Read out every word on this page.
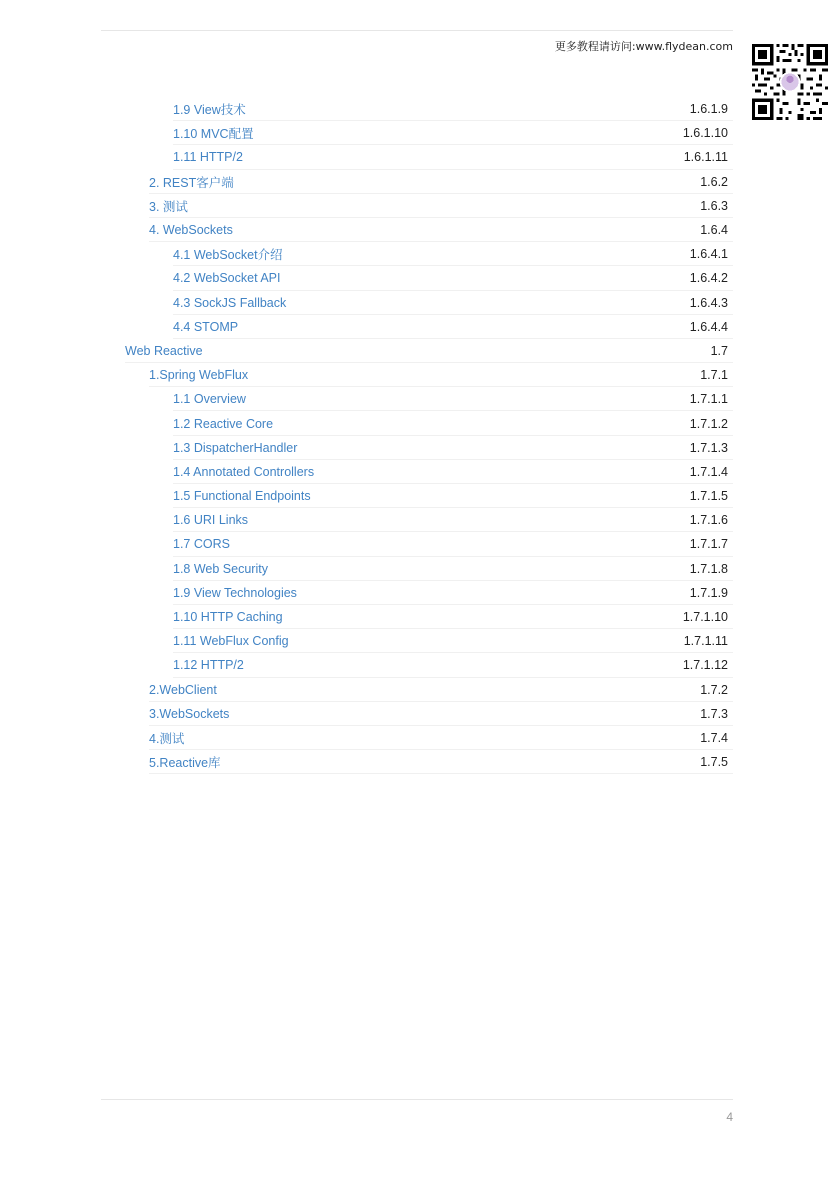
更多教程请访问:www.flydean.com
1.9 View技术	1.6.1.9
1.10 MVC配置	1.6.1.10
1.11 HTTP/2	1.6.1.11
2. REST客户端	1.6.2
3. 测试	1.6.3
4. WebSockets	1.6.4
4.1 WebSocket介绍	1.6.4.1
4.2 WebSocket API	1.6.4.2
4.3 SockJS Fallback	1.6.4.3
4.4 STOMP	1.6.4.4
Web Reactive	1.7
1.Spring WebFlux	1.7.1
1.1 Overview	1.7.1.1
1.2 Reactive Core	1.7.1.2
1.3 DispatcherHandler	1.7.1.3
1.4 Annotated Controllers	1.7.1.4
1.5 Functional Endpoints	1.7.1.5
1.6 URI Links	1.7.1.6
1.7 CORS	1.7.1.7
1.8 Web Security	1.7.1.8
1.9 View Technologies	1.7.1.9
1.10 HTTP Caching	1.7.1.10
1.11 WebFlux Config	1.7.1.11
1.12 HTTP/2	1.7.1.12
2.WebClient	1.7.2
3.WebSockets	1.7.3
4.测试	1.7.4
5.Reactive库	1.7.5
4
